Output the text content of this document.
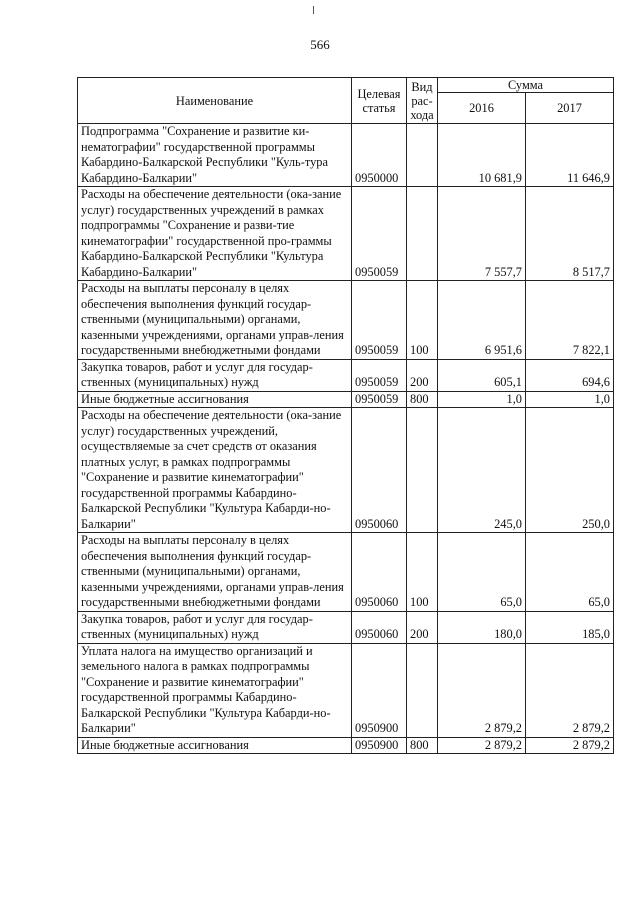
566
Наименование	Целевая статья	Вид рас-хода	Сумма	
			2016	2017
Подпрограмма "Сохранение и развитие ки-нематографии" государственной программы Кабардино-Балкарской Республики "Куль-тура Кабардино-Балкарии"	0950000		10 681,9	11 646,9
Расходы на обеспечение деятельности (ока-зание услуг) государственных учреждений в рамках подпрограммы "Сохранение и разви-тие кинематографии" государственной про-граммы Кабардино-Балкарской Республики "Культура Кабардино-Балкарии"	0950059		7 557,7	8 517,7
Расходы на выплаты персоналу в целях обеспечения выполнения функций государ-ственными (муниципальными) органами, казенными учреждениями, органами управ-ления государственными внебюджетными фондами	0950059	100	6 951,6	7 822,1
Закупка товаров, работ и услуг для государ-ственных (муниципальных) нужд	0950059	200	605,1	694,6
Иные бюджетные ассигнования	0950059	800	1,0	1,0
Расходы на обеспечение деятельности (ока-зание услуг) государственных учреждений, осуществляемые за счет средств от оказания платных услуг, в рамках подпрограммы "Сохранение и развитие кинематографии" государственной программы Кабардино-Балкарской Республики "Культура Кабарди-но-Балкарии"	0950060		245,0	250,0
Расходы на выплаты персоналу в целях обеспечения выполнения функций государ-ственными (муниципальными) органами, казенными учреждениями, органами управ-ления государственными внебюджетными фондами	0950060	100	65,0	65,0
Закупка товаров, работ и услуг для государ-ственных (муниципальных) нужд	0950060	200	180,0	185,0
Уплата налога на имущество организаций и земельного налога в рамках подпрограммы "Сохранение и развитие кинематографии" государственной программы Кабардино-Балкарской Республики "Культура Кабарди-но-Балкарии"	0950900		2 879,2	2 879,2
Иные бюджетные ассигнования	0950900	800	2 879,2	2 879,2
